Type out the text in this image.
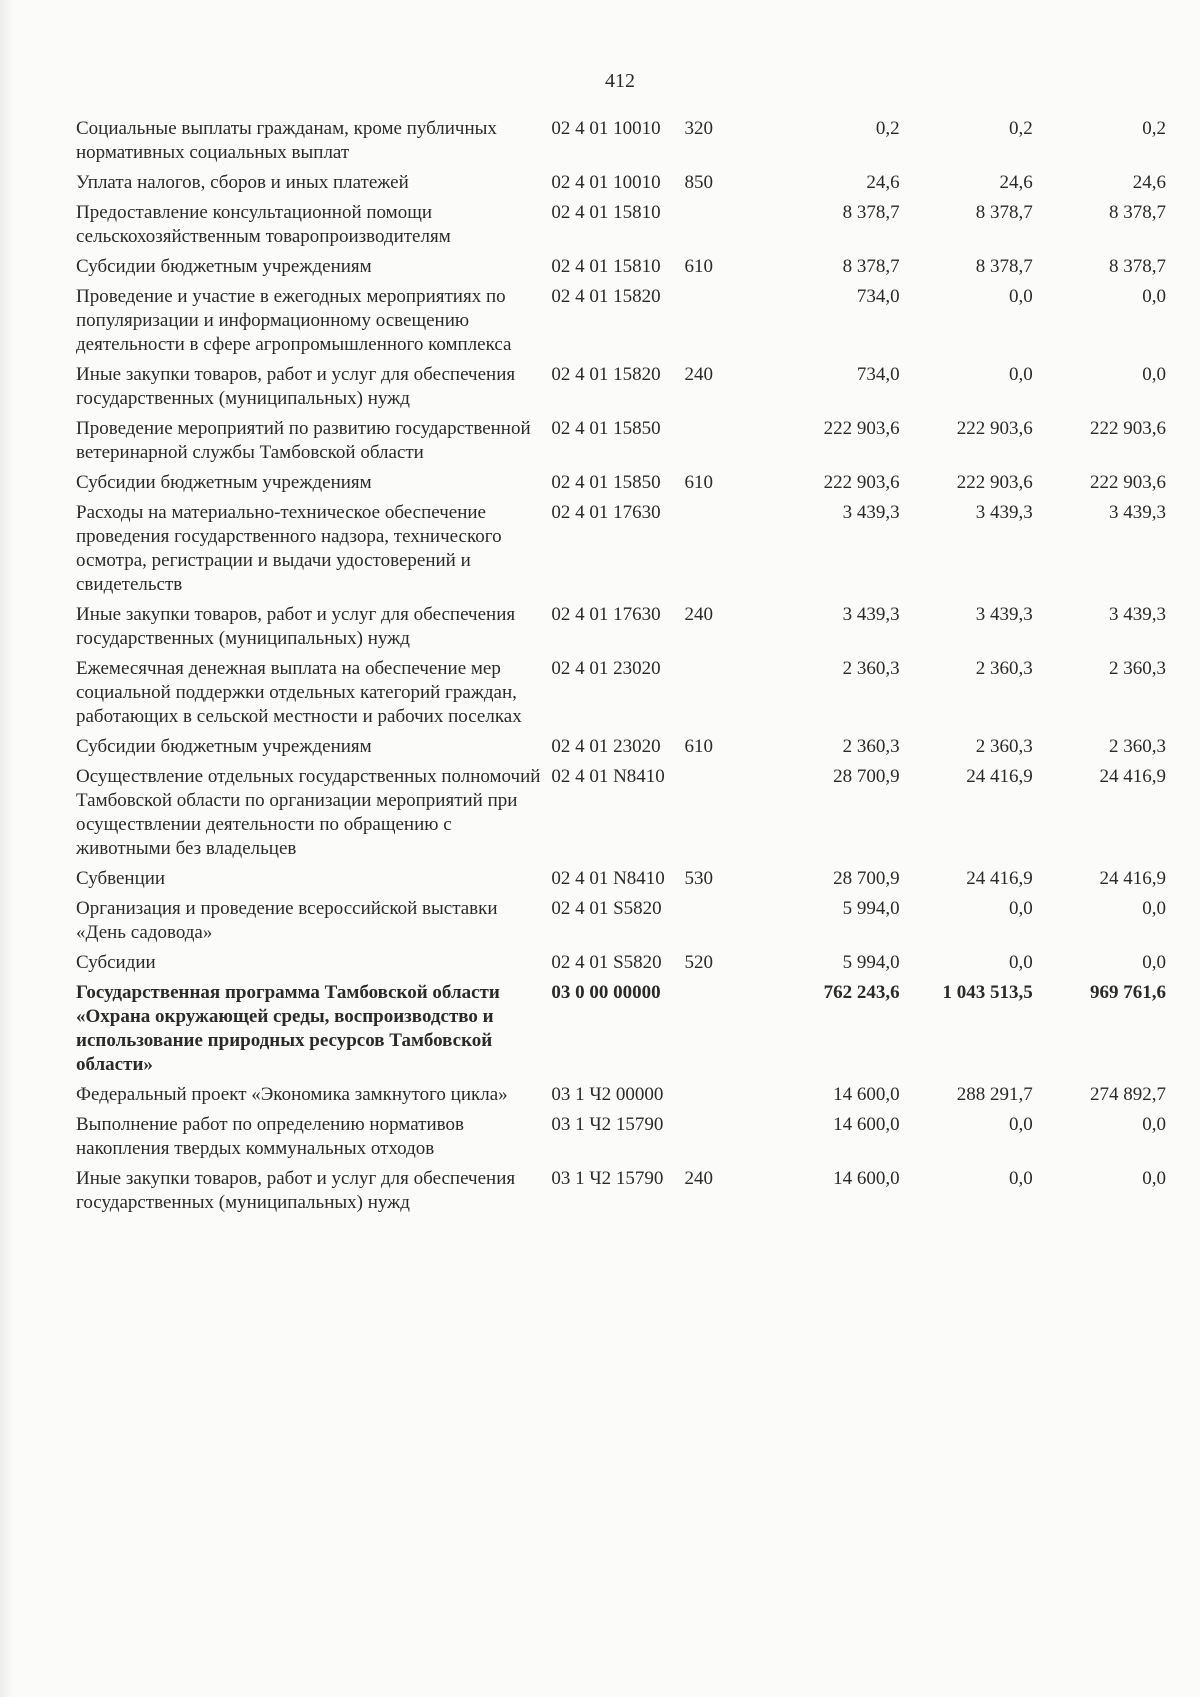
412
Социальные выплаты гражданам, кроме публичных нормативных социальных выплат	02 4 01 10010	320	0,2	0,2	0,2
Уплата налогов, сборов и иных платежей	02 4 01 10010	850	24,6	24,6	24,6
Предоставление консультационной помощи сельскохозяйственным товаропроизводителям	02 4 01 15810		8 378,7	8 378,7	8 378,7
Субсидии бюджетным учреждениям	02 4 01 15810	610	8 378,7	8 378,7	8 378,7
Проведение и участие в ежегодных мероприятиях по популяризации и информационному освещению деятельности в сфере агропромышленного комплекса	02 4 01 15820		734,0	0,0	0,0
Иные закупки товаров, работ и услуг для обеспечения государственных (муниципальных) нужд	02 4 01 15820	240	734,0	0,0	0,0
Проведение мероприятий по развитию государственной ветеринарной службы Тамбовской области	02 4 01 15850		222 903,6	222 903,6	222 903,6
Субсидии бюджетным учреждениям	02 4 01 15850	610	222 903,6	222 903,6	222 903,6
Расходы на материально-техническое обеспечение проведения государственного надзора, технического осмотра, регистрации и выдачи удостоверений и свидетельств	02 4 01 17630		3 439,3	3 439,3	3 439,3
Иные закупки товаров, работ и услуг для обеспечения государственных (муниципальных) нужд	02 4 01 17630	240	3 439,3	3 439,3	3 439,3
Ежемесячная денежная выплата на обеспечение мер социальной поддержки отдельных категорий граждан, работающих в сельской местности и рабочих поселках	02 4 01 23020		2 360,3	2 360,3	2 360,3
Субсидии бюджетным учреждениям	02 4 01 23020	610	2 360,3	2 360,3	2 360,3
Осуществление отдельных государственных полномочий Тамбовской области по организации мероприятий при осуществлении деятельности по обращению с животными без владельцев	02 4 01 N8410		28 700,9	24 416,9	24 416,9
Субвенции	02 4 01 N8410	530	28 700,9	24 416,9	24 416,9
Организация и проведение всероссийской выставки «День садовода»	02 4 01 S5820		5 994,0	0,0	0,0
Субсидии	02 4 01 S5820	520	5 994,0	0,0	0,0
Государственная программа Тамбовской области «Охрана окружающей среды, воспроизводство и использование природных ресурсов Тамбовской области»	03 0 00 00000		762 243,6	1 043 513,5	969 761,6
Федеральный проект «Экономика замкнутого цикла»	03 1 Ч2 00000		14 600,0	288 291,7	274 892,7
Выполнение работ по определению нормативов накопления твердых коммунальных отходов	03 1 Ч2 15790		14 600,0	0,0	0,0
Иные закупки товаров, работ и услуг для обеспечения государственных (муниципальных) нужд	03 1 Ч2 15790	240	14 600,0	0,0	0,0
